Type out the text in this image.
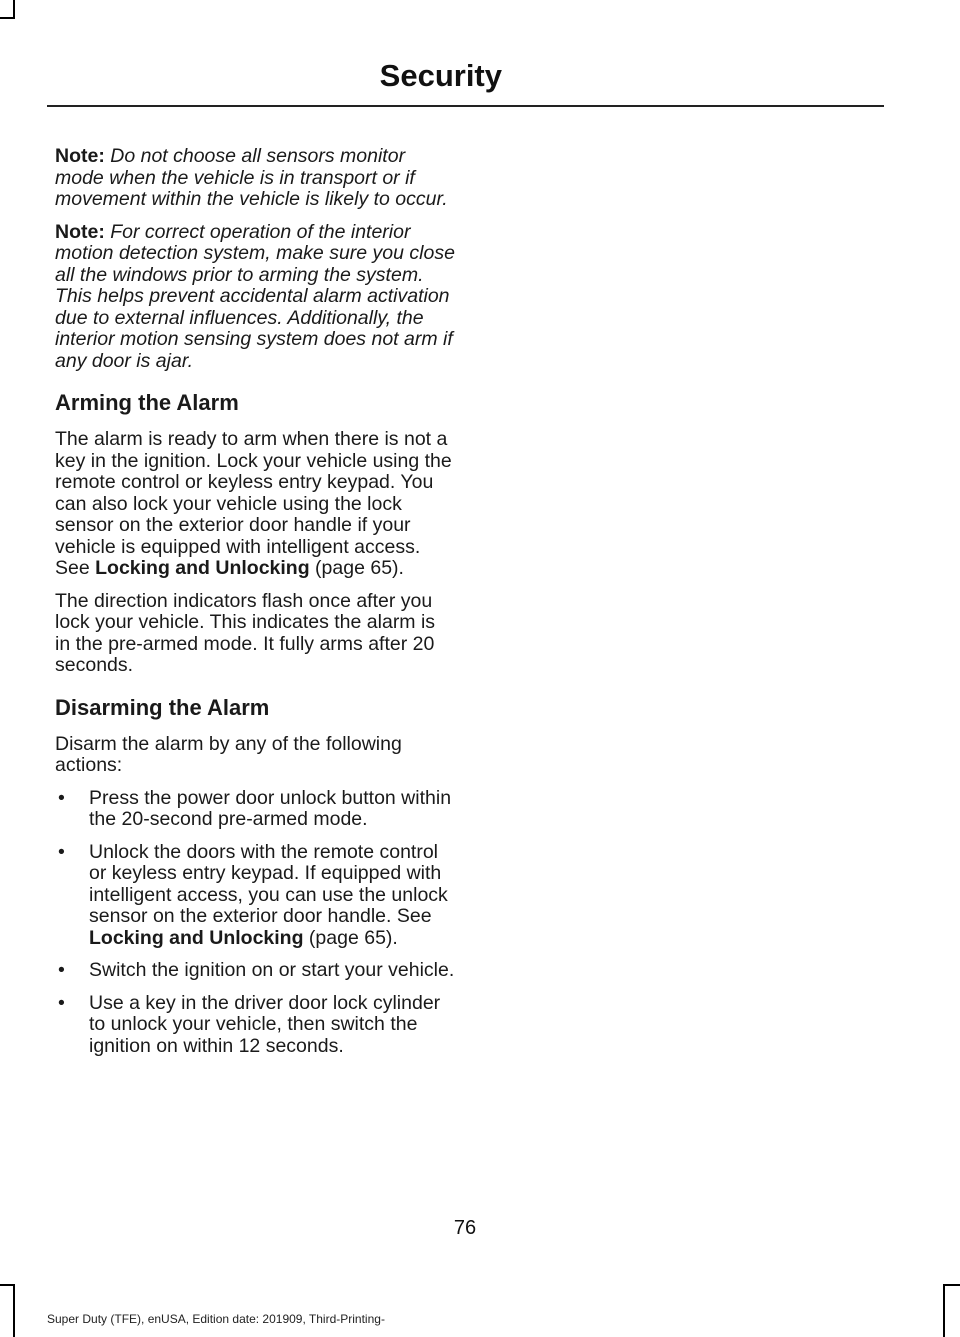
Security

Note: Do not choose all sensors monitor mode when the vehicle is in transport or if movement within the vehicle is likely to occur.

Note: For correct operation of the interior motion detection system, make sure you close all the windows prior to arming the system. This helps prevent accidental alarm activation due to external influences. Additionally, the interior motion sensing system does not arm if any door is ajar.

Arming the Alarm

The alarm is ready to arm when there is not a key in the ignition. Lock your vehicle using the remote control or keyless entry keypad. You can also lock your vehicle using the lock sensor on the exterior door handle if your vehicle is equipped with intelligent access. See Locking and Unlocking (page 65).

The direction indicators flash once after you lock your vehicle. This indicates the alarm is in the pre-armed mode. It fully arms after 20 seconds.

Disarming the Alarm

Disarm the alarm by any of the following actions:

• Press the power door unlock button within the 20-second pre-armed mode.
• Unlock the doors with the remote control or keyless entry keypad. If equipped with intelligent access, you can use the unlock sensor on the exterior door handle. See Locking and Unlocking (page 65).
• Switch the ignition on or start your vehicle.
• Use a key in the driver door lock cylinder to unlock your vehicle, then switch the ignition on within 12 seconds.
76
Super Duty (TFE), enUSA, Edition date: 201909, Third-Printing-
